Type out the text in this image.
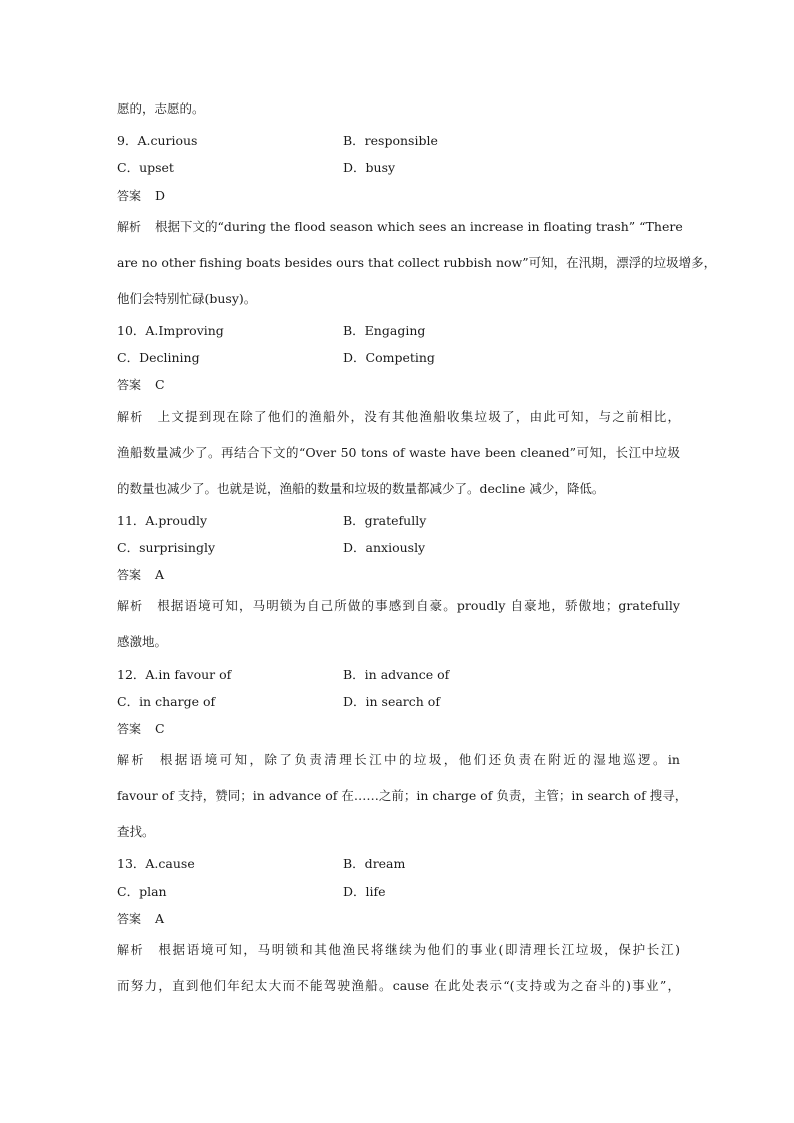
愿的，志愿的。
9．A.curious	B．responsible
C．upset	D．busy
答案 D
解析 根据下文的“during the flood season which sees an increase in floating trash” “There
are no other fishing boats besides ours that collect rubbish now”可知，在汛期，漂浮的垃圾增多，
他们会特别忙碌(busy)。
10．A.Improving	B．Engaging
C．Declining	D．Competing
答案 C
解析 上文提到现在除了他们的渔船外，没有其他渔船收集垃圾了，由此可知，与之前相比，
渔船数量减少了。再结合下文的“Over 50 tons of waste have been cleaned”可知，长江中垃圾
的数量也减少了。也就是说，渔船的数量和垃圾的数量都减少了。decline 减少，降低。
11．A.proudly	B．gratefully
C．surprisingly	D．anxiously
答案 A
解析 根据语境可知，马明锁为自己所做的事感到自豪。proudly 自豪地，骄傲地；gratefully
感激地。
12．A.in favour of	B．in advance of
C．in charge of	D．in search of
答案 C
解析 根据语境可知，除了负责清理长江中的垃圾，他们还负责在附近的湿地巡逻。in
favour of 支持，赞同；in advance of 在……之前；in charge of 负责，主管；in search of 搜寻，
查找。
13．A.cause	B．dream
C．plan	D．life
答案 A
解析 根据语境可知，马明锁和其他渔民将继续为他们的事业(即清理长江垃圾，保护长江)
而努力，直到他们年纪太大而不能驾驶渔船。cause 在此处表示“(支持或为之奋斗的)事业”，
